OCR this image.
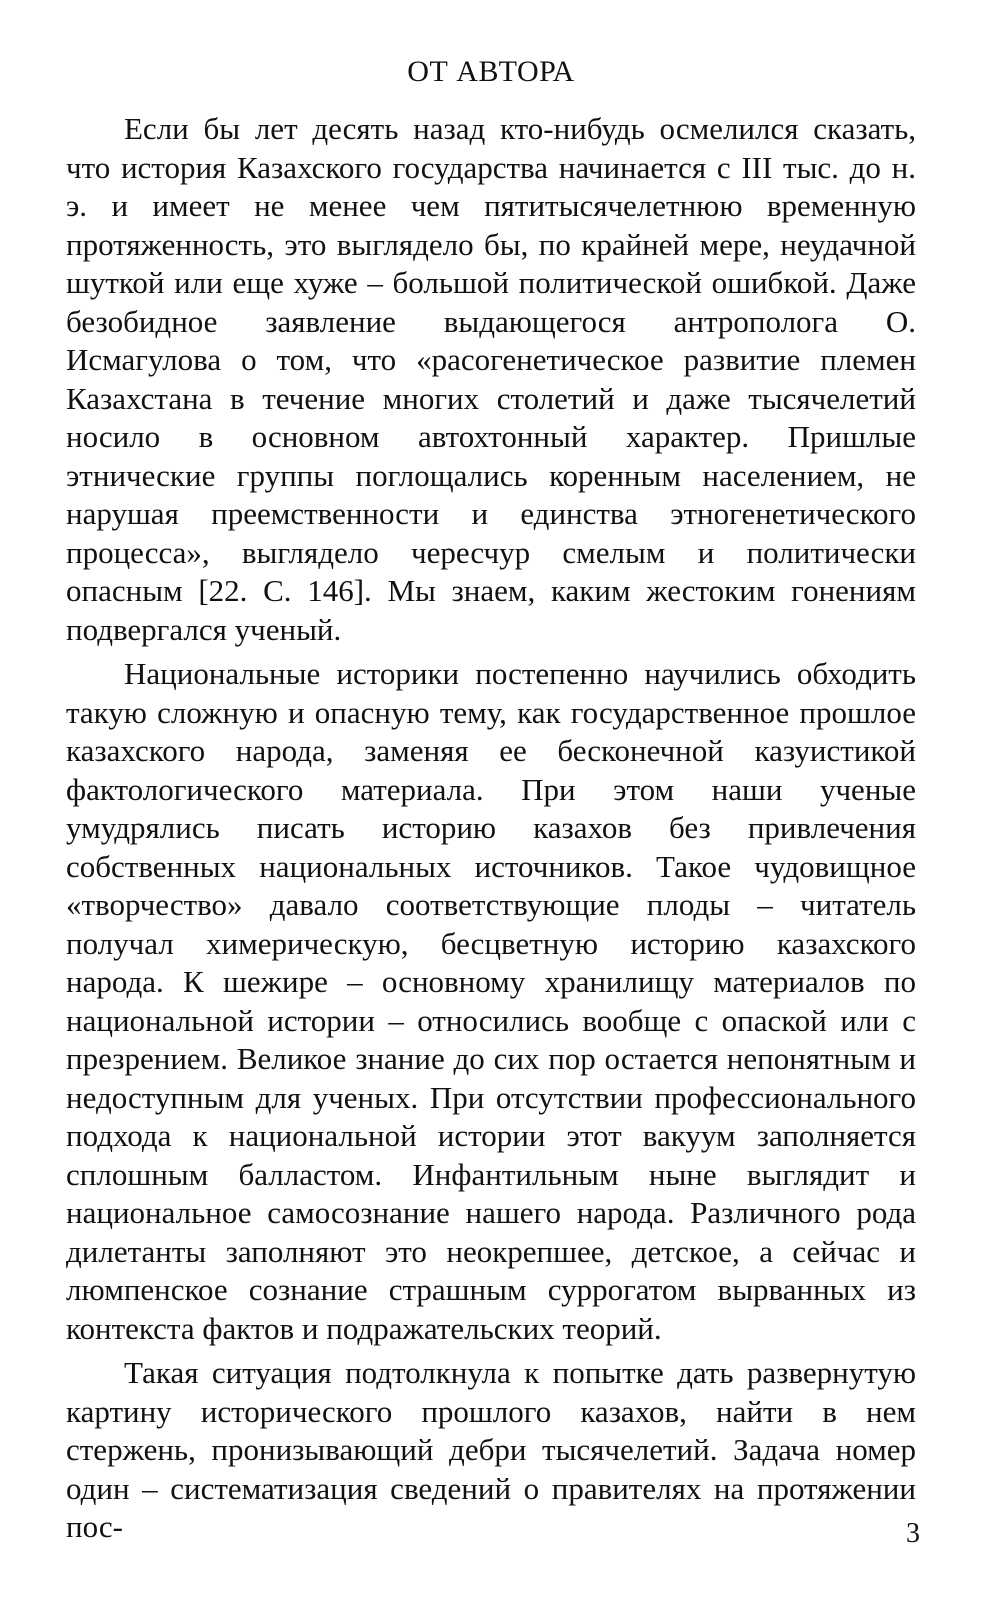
ОТ АВТОРА

Если бы лет десять назад кто-нибудь осмелился сказать, что история Казахского государства начинается с III тыс. до н. э. и имеет не менее чем пятитысячелетнюю временную протяженность, это выглядело бы, по крайней мере, неудачной шуткой или еще хуже – большой политической ошибкой. Даже безобидное заявление выдающегося антрополога О. Исмагулова о том, что «расогенетическое развитие племен Казахстана в течение многих столетий и даже тысячелетий носило в основном автохтонный характер. Пришлые этнические группы поглощались коренным населением, не нарушая преемственности и единства этногенетического процесса», выглядело чересчур смелым и политически опасным [22. С. 146]. Мы знаем, каким жестоким гонениям подвергался ученый.

Национальные историки постепенно научились обходить такую сложную и опасную тему, как государственное прошлое казахского народа, заменяя ее бесконечной казуистикой фактологического материала. При этом наши ученые умудрялись писать историю казахов без привлечения собственных национальных источников. Такое чудовищное «творчество» давало соответствующие плоды – читатель получал химерическую, бесцветную историю казахского народа. К шежире – основному хранилищу материалов по национальной истории – относились вообще с опаской или с презрением. Великое знание до сих пор остается непонятным и недоступным для ученых. При отсутствии профессионального подхода к национальной истории этот вакуум заполняется сплошным балластом. Инфантильным ныне выглядит и национальное самосознание нашего народа. Различного рода дилетанты заполняют это неокрепшее, детское, а сейчас и люмпенское сознание страшным суррогатом вырванных из контекста фактов и подражательских теорий.

Такая ситуация подтолкнула к попытке дать развернутую картину исторического прошлого казахов, найти в нем стержень, пронизывающий дебри тысячелетий. Задача номер один – систематизация сведений о правителях на протяжении пос-	3
